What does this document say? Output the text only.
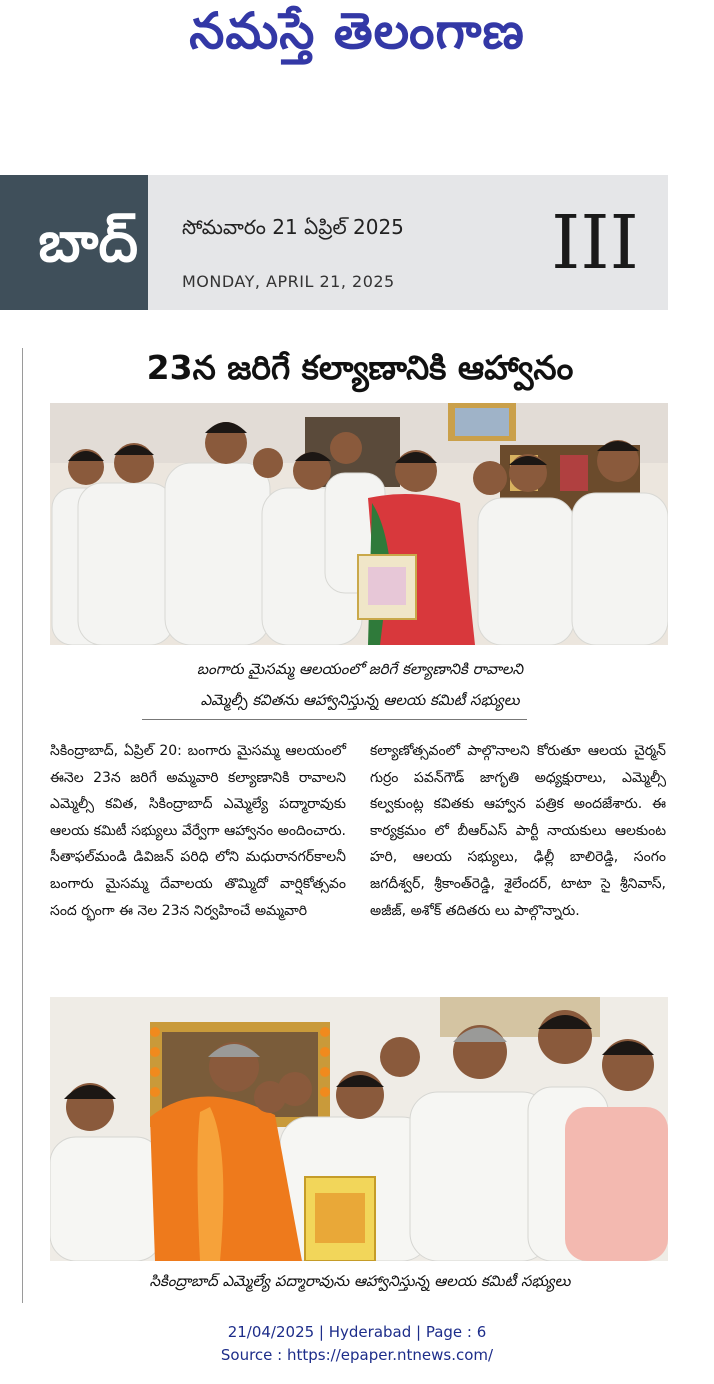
నమస్తే తెలంగాణ
బాద్	సోమవారం 21 ఏప్రిల్ 2025
MONDAY, APRIL 21, 2025 III
23న జరిగే కల్యాణానికి ఆహ్వానం
బంగారు మైసమ్మ ఆలయంలో జరిగే కల్యాణానికి రావాలని
ఎమ్మెల్సీ కవితను ఆహ్వానిస్తున్న ఆలయ కమిటీ సభ్యులు
సికింద్రాబాద్, ఏప్రిల్ 20: బంగారు మైసమ్మ ఆలయంలో ఈనెల 23న జరిగే అమ్మవారి కల్యాణానికి రావాలని ఎమ్మెల్సీ కవిత, సికింద్రాబాద్ ఎమ్మెల్యే పద్మారావుకు ఆలయ కమిటీ సభ్యులు వేర్వేగా ఆహ్వానం అందించారు. సీతాఫల్‌మండి డివిజన్ పరిధి లోని మధురానగర్‌కాలనీ బంగారు మైసమ్మ దేవాలయ తొమ్మిదో వార్షికోత్సవం సంద ర్భంగా ఈ నెల 23న నిర్వహించే అమ్మవారి
కల్యాణోత్సవంలో పాల్గొనాలని కోరుతూ ఆలయ చైర్మన్ గుర్రం పవన్‌గౌడ్ జాగృతి అధ్యక్షురాలు, ఎమ్మెల్సీ కల్వకుంట్ల కవితకు ఆహ్వాన పత్రిక అందజేశారు. ఈ కార్యక్రమం లో బీఆర్‌ఎస్ పార్టీ నాయకులు ఆలకుంట హరి, ఆలయ సభ్యులు, ఢిల్లీ బాలిరెడ్డి, సంగం జగదీశ్వర్, శ్రీకాంత్‌రెడ్డి, శైలేందర్, టాటా సై శ్రీనివాస్, అజీజ్, అశోక్ తదితరు లు పాల్గొన్నారు.
సికింద్రాబాద్ ఎమ్మెల్యే పద్మారావును ఆహ్వానిస్తున్న ఆలయ కమిటీ సభ్యులు
21/04/2025 | Hyderabad | Page : 6
Source : https://epaper.ntnews.com/
